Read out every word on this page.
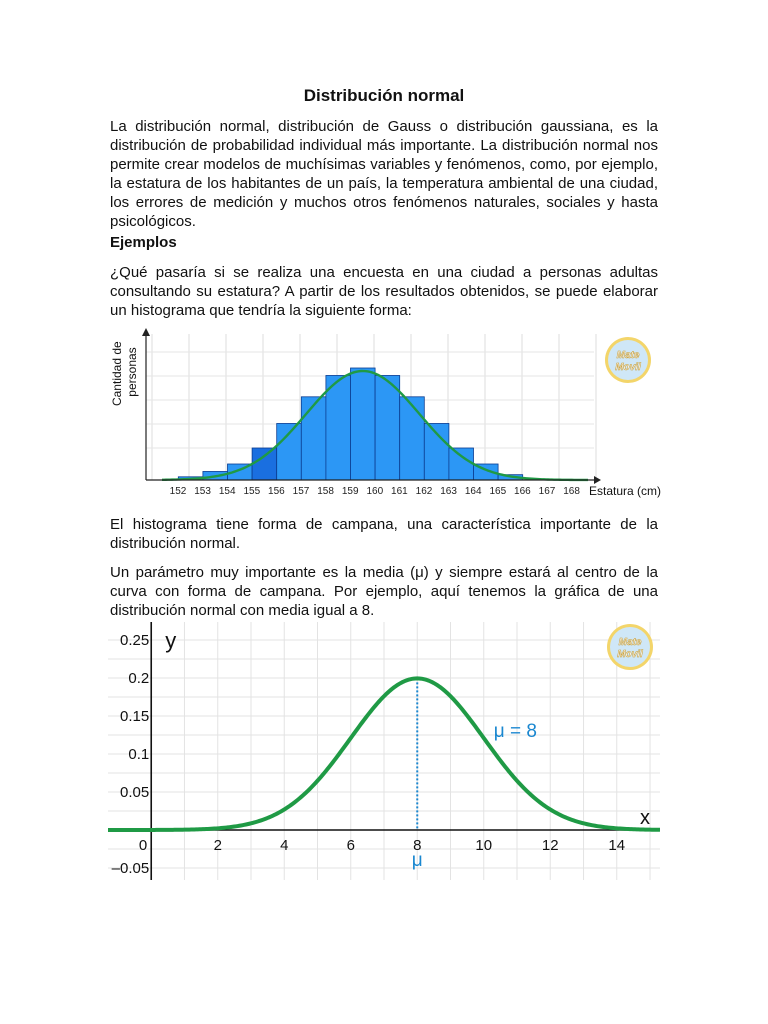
Distribución normal

La distribución normal, distribución de Gauss o distribución gaussiana, es la distribución de probabilidad individual más importante. La distribución normal nos permite crear modelos de muchísimas variables y fenómenos, como, por ejemplo, la estatura de los habitantes de un país, la temperatura ambiental de una ciudad, los errores de medición y muchos otros fenómenos naturales, sociales y hasta psicológicos.

Ejemplos

¿Qué pasaría si se realiza una encuesta en una ciudad a personas adultas consultando su estatura? A partir de los resultados obtenidos, se puede elaborar un histograma que tendría la siguiente forma:

152 153 154 155 156 157 158 159 160 161 162 163 164 165 166 167 168 Estatura (cm)
Cantidad de personas	Mate
Movil

El histograma tiene forma de campana, una característica importante de la distribución normal.

Un parámetro muy importante es la media (μ) y siempre estará al centro de la curva con forma de campana. Por ejemplo, aquí tenemos la gráfica de una distribución normal con media igual a 8.

0	2	4	6	8	10	12	14
–0.05
0.05
0.1
0.15
0.2
0.25 y
x
μ = 8
μ
Mate
Movil
